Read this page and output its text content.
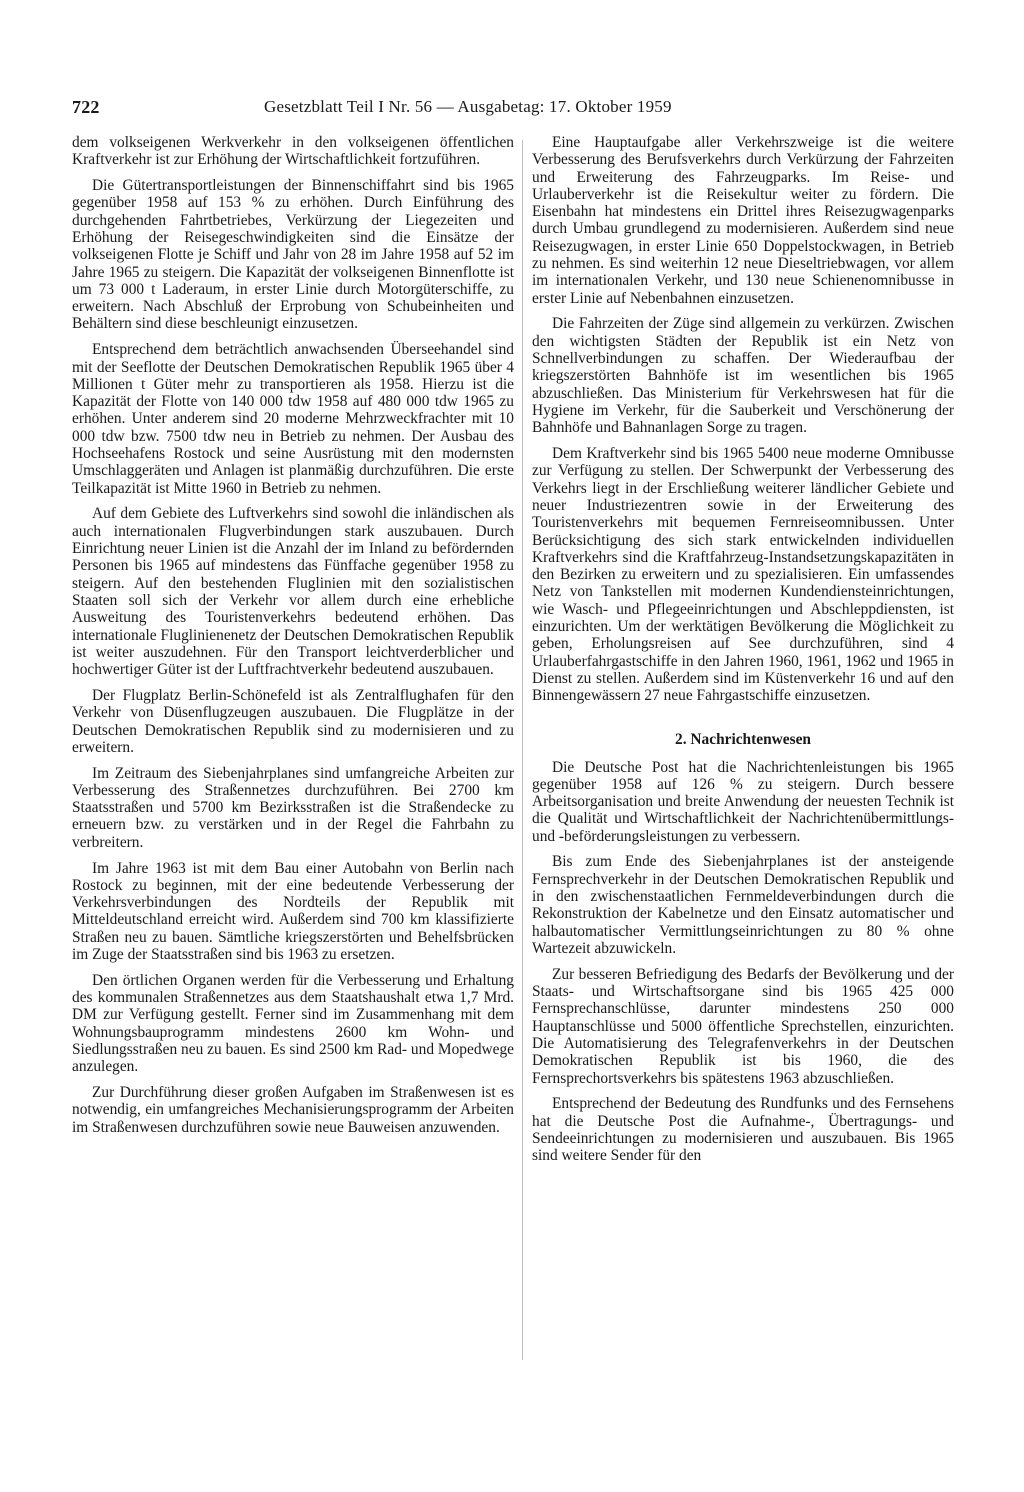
722	Gesetzblatt Teil I Nr. 56 — Ausgabetag: 17. Oktober 1959

dem volkseigenen Werkverkehr in den volkseigenen öffentlichen Kraftverkehr ist zur Erhöhung der Wirtschaftlichkeit fortzuführen.

Die Gütertransportleistungen der Binnenschiffahrt sind bis 1965 gegenüber 1958 auf 153 % zu erhöhen. Durch Einführung des durchgehenden Fahrtbetriebes, Verkürzung der Liegezeiten und Erhöhung der Reisegeschwindigkeiten sind die Einsätze der volkseigenen Flotte je Schiff und Jahr von 28 im Jahre 1958 auf 52 im Jahre 1965 zu steigern. Die Kapazität der volkseigenen Binnenflotte ist um 73 000 t Laderaum, in erster Linie durch Motorgüterschiffe, zu erweitern. Nach Abschluß der Erprobung von Schubeinheiten und Behältern sind diese beschleunigt einzusetzen.

Entsprechend dem beträchtlich anwachsenden Überseehandel sind mit der Seeflotte der Deutschen Demokratischen Republik 1965 über 4 Millionen t Güter mehr zu transportieren als 1958. Hierzu ist die Kapazität der Flotte von 140 000 tdw 1958 auf 480 000 tdw 1965 zu erhöhen. Unter anderem sind 20 moderne Mehrzweckfrachter mit 10 000 tdw bzw. 7500 tdw neu in Betrieb zu nehmen. Der Ausbau des Hochseehafens Rostock und seine Ausrüstung mit den modernsten Umschlaggeräten und Anlagen ist planmäßig durchzuführen. Die erste Teilkapazität ist Mitte 1960 in Betrieb zu nehmen.

Auf dem Gebiete des Luftverkehrs sind sowohl die inländischen als auch internationalen Flugverbindungen stark auszubauen. Durch Einrichtung neuer Linien ist die Anzahl der im Inland zu befördernden Personen bis 1965 auf mindestens das Fünffache gegenüber 1958 zu steigern. Auf den bestehenden Fluglinien mit den sozialistischen Staaten soll sich der Verkehr vor allem durch eine erhebliche Ausweitung des Touristenverkehrs bedeutend erhöhen. Das internationale Fluglinienenetz der Deutschen Demokratischen Republik ist weiter auszudehnen. Für den Transport leichtverderblicher und hochwertiger Güter ist der Luftfrachtverkehr bedeutend auszubauen.

Der Flugplatz Berlin-Schönefeld ist als Zentralflughafen für den Verkehr von Düsenflugzeugen auszubauen. Die Flugplätze in der Deutschen Demokratischen Republik sind zu modernisieren und zu erweitern.

Im Zeitraum des Siebenjahrplanes sind umfangreiche Arbeiten zur Verbesserung des Straßennetzes durchzuführen. Bei 2700 km Staatsstraßen und 5700 km Bezirksstraßen ist die Straßendecke zu erneuern bzw. zu verstärken und in der Regel die Fahrbahn zu verbreitern.

Im Jahre 1963 ist mit dem Bau einer Autobahn von Berlin nach Rostock zu beginnen, mit der eine bedeutende Verbesserung der Verkehrsverbindungen des Nordteils der Republik mit Mitteldeutschland erreicht wird. Außerdem sind 700 km klassifizierte Straßen neu zu bauen. Sämtliche kriegszerstörten und Behelfsbrücken im Zuge der Staatsstraßen sind bis 1963 zu ersetzen.

Den örtlichen Organen werden für die Verbesserung und Erhaltung des kommunalen Straßennetzes aus dem Staatshaushalt etwa 1,7 Mrd. DM zur Verfügung gestellt. Ferner sind im Zusammenhang mit dem Wohnungsbauprogramm mindestens 2600 km Wohn- und Siedlungsstraßen neu zu bauen. Es sind 2500 km Rad- und Mopedwege anzulegen.

Zur Durchführung dieser großen Aufgaben im Straßenwesen ist es notwendig, ein umfangreiches Mechanisierungsprogramm der Arbeiten im Straßenwesen durchzuführen sowie neue Bauweisen anzuwenden.

Eine Hauptaufgabe aller Verkehrszweige ist die weitere Verbesserung des Berufsverkehrs durch Verkürzung der Fahrzeiten und Erweiterung des Fahrzeugparks. Im Reise- und Urlauberverkehr ist die Reisekultur weiter zu fördern. Die Eisenbahn hat mindestens ein Drittel ihres Reisezugwagenparks durch Umbau grundlegend zu modernisieren. Außerdem sind neue Reisezugwagen, in erster Linie 650 Doppelstockwagen, in Betrieb zu nehmen. Es sind weiterhin 12 neue Dieseltriebwagen, vor allem im internationalen Verkehr, und 130 neue Schienenomnibusse in erster Linie auf Nebenbahnen einzusetzen.

Die Fahrzeiten der Züge sind allgemein zu verkürzen. Zwischen den wichtigsten Städten der Republik ist ein Netz von Schnellverbindungen zu schaffen. Der Wiederaufbau der kriegszerstörten Bahnhöfe ist im wesentlichen bis 1965 abzuschließen. Das Ministerium für Verkehrswesen hat für die Hygiene im Verkehr, für die Sauberkeit und Verschönerung der Bahnhöfe und Bahnanlagen Sorge zu tragen.

Dem Kraftverkehr sind bis 1965 5400 neue moderne Omnibusse zur Verfügung zu stellen. Der Schwerpunkt der Verbesserung des Verkehrs liegt in der Erschließung weiterer ländlicher Gebiete und neuer Industriezentren sowie in der Erweiterung des Touristenverkehrs mit bequemen Fernreiseomnibussen. Unter Berücksichtigung des sich stark entwickelnden individuellen Kraftverkehrs sind die Kraftfahrzeug-Instandsetzungskapazitäten in den Bezirken zu erweitern und zu spezialisieren. Ein umfassendes Netz von Tankstellen mit modernen Kundendiensteinrichtungen, wie Wasch- und Pflegeeinrichtungen und Abschleppdiensten, ist einzurichten. Um der werktätigen Bevölkerung die Möglichkeit zu geben, Erholungsreisen auf See durchzuführen, sind 4 Urlauberfahrgastschiffe in den Jahren 1960, 1961, 1962 und 1965 in Dienst zu stellen. Außerdem sind im Küstenverkehr 16 und auf den Binnengewässern 27 neue Fahrgastschiffe einzusetzen.

2. Nachrichtenwesen

Die Deutsche Post hat die Nachrichtenleistungen bis 1965 gegenüber 1958 auf 126 % zu steigern. Durch bessere Arbeitsorganisation und breite Anwendung der neuesten Technik ist die Qualität und Wirtschaftlichkeit der Nachrichtenübermittlungs- und -beförderungsleistungen zu verbessern.

Bis zum Ende des Siebenjahrplanes ist der ansteigende Fernsprechverkehr in der Deutschen Demokratischen Republik und in den zwischenstaatlichen Fernmeldeverbindungen durch die Rekonstruktion der Kabelnetze und den Einsatz automatischer und halbautomatischer Vermittlungseinrichtungen zu 80 % ohne Wartezeit abzuwickeln.

Zur besseren Befriedigung des Bedarfs der Bevölkerung und der Staats- und Wirtschaftsorgane sind bis 1965 425 000 Fernsprechanschlüsse, darunter mindestens 250 000 Hauptanschlüsse und 5000 öffentliche Sprechstellen, einzurichten. Die Automatisierung des Telegrafenverkehrs in der Deutschen Demokratischen Republik ist bis 1960, die des Fernsprechortsverkehrs bis spätestens 1963 abzuschließen.

Entsprechend der Bedeutung des Rundfunks und des Fernsehens hat die Deutsche Post die Aufnahme-, Übertragungs- und Sendeeinrichtungen zu modernisieren und auszubauen. Bis 1965 sind weitere Sender für den
